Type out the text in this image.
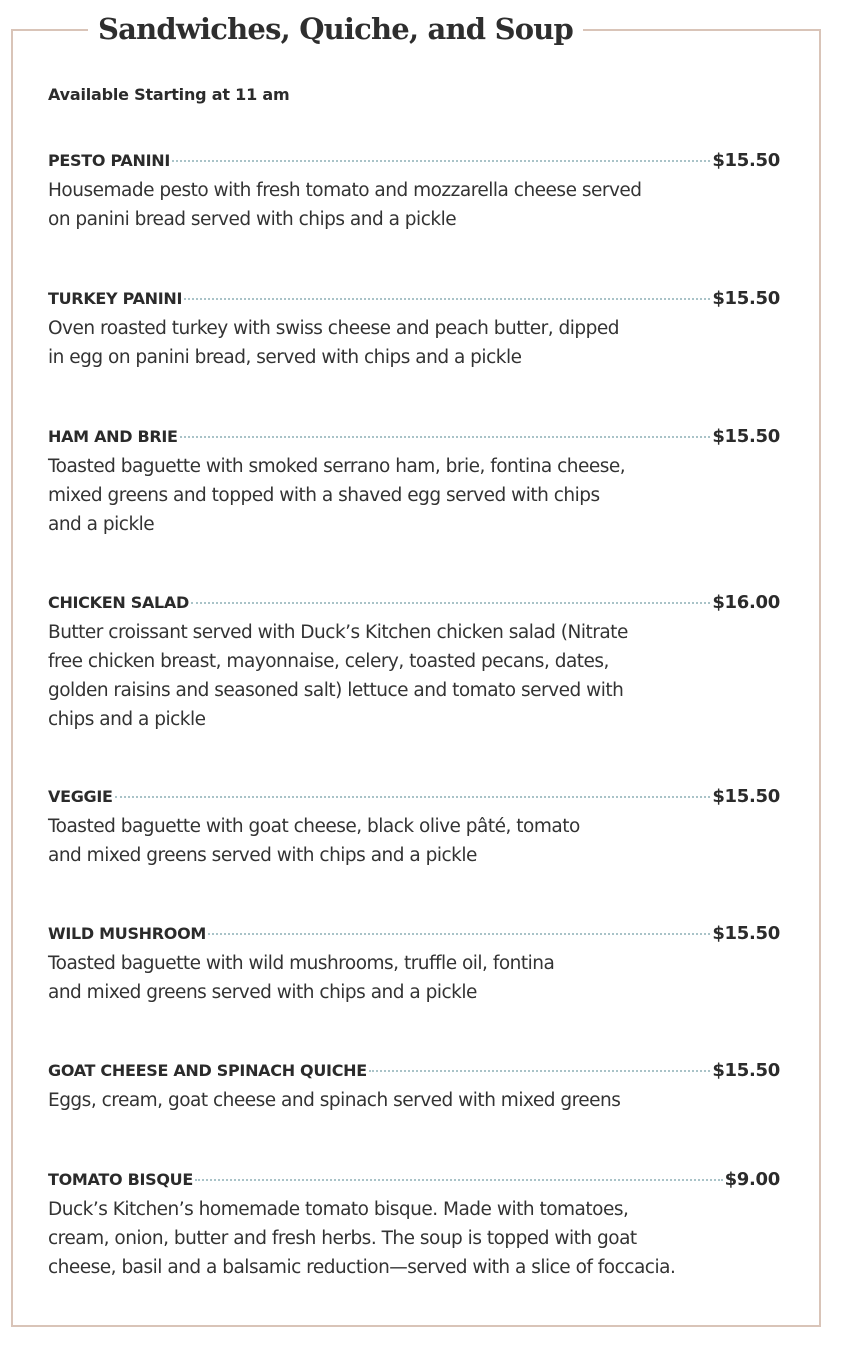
Sandwiches, Quiche, and Soup
Available Starting at 11 am
PESTO PANINI	$15.50

Housemade pesto with fresh tomato and mozzarella cheese served
on panini bread served with chips and a pickle

TURKEY PANINI	$15.50

Oven roasted turkey with swiss cheese and peach butter, dipped
in egg on panini bread, served with chips and a pickle

HAM AND BRIE	$15.50

Toasted baguette with smoked serrano ham, brie, fontina cheese,
mixed greens and topped with a shaved egg served with chips
and a pickle

CHICKEN SALAD	$16.00

Butter croissant served with Duck’s Kitchen chicken salad (Nitrate
free chicken breast, mayonnaise, celery, toasted pecans, dates,
golden raisins and seasoned salt) lettuce and tomato served with
chips and a pickle

VEGGIE	$15.50

Toasted baguette with goat cheese, black olive pâté, tomato
and mixed greens served with chips and a pickle

WILD MUSHROOM	$15.50

Toasted baguette with wild mushrooms, truffle oil, fontina
and mixed greens served with chips and a pickle

GOAT CHEESE AND SPINACH QUICHE	$15.50

Eggs, cream, goat cheese and spinach served with mixed greens

TOMATO BISQUE	$9.00

Duck’s Kitchen’s homemade tomato bisque. Made with tomatoes,
cream, onion, butter and fresh herbs. The soup is topped with goat
cheese, basil and a balsamic reduction—served with a slice of foccacia.
